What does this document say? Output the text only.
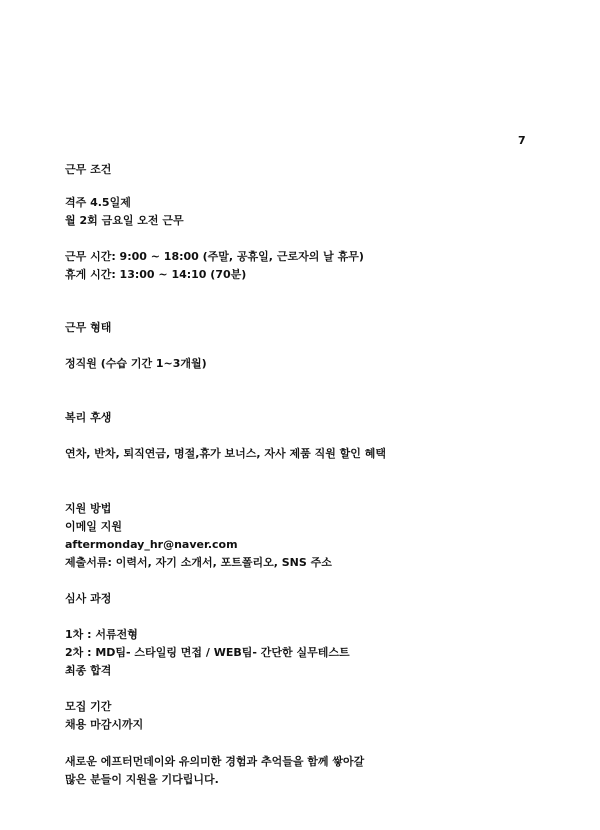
7
근무 조건
격주 4.5일제
월 2회 금요일 오전 근무
근무 시간: 9:00 ~ 18:00 (주말, 공휴일, 근로자의 날 휴무)
휴게 시간: 13:00 ~ 14:10 (70분)
근무 형태
정직원 (수습 기간 1~3개월)
복리 후생
연차, 반차, 퇴직연금, 명절,휴가 보너스, 자사 제품 직원 할인 혜택
지원 방법
이메일 지원
aftermonday_hr@naver.com
제출서류: 이력서, 자기 소개서, 포트폴리오, SNS 주소
심사 과정
1차 : 서류전형
2차 : MD팀- 스타일링 면접 / WEB팀- 간단한 실무테스트
최종 합격
모집 기간
채용 마감시까지
새로운 에프터먼데이와 유의미한 경험과 추억들을 함께 쌓아갈
많은 분들이 지원을 기다립니다.
